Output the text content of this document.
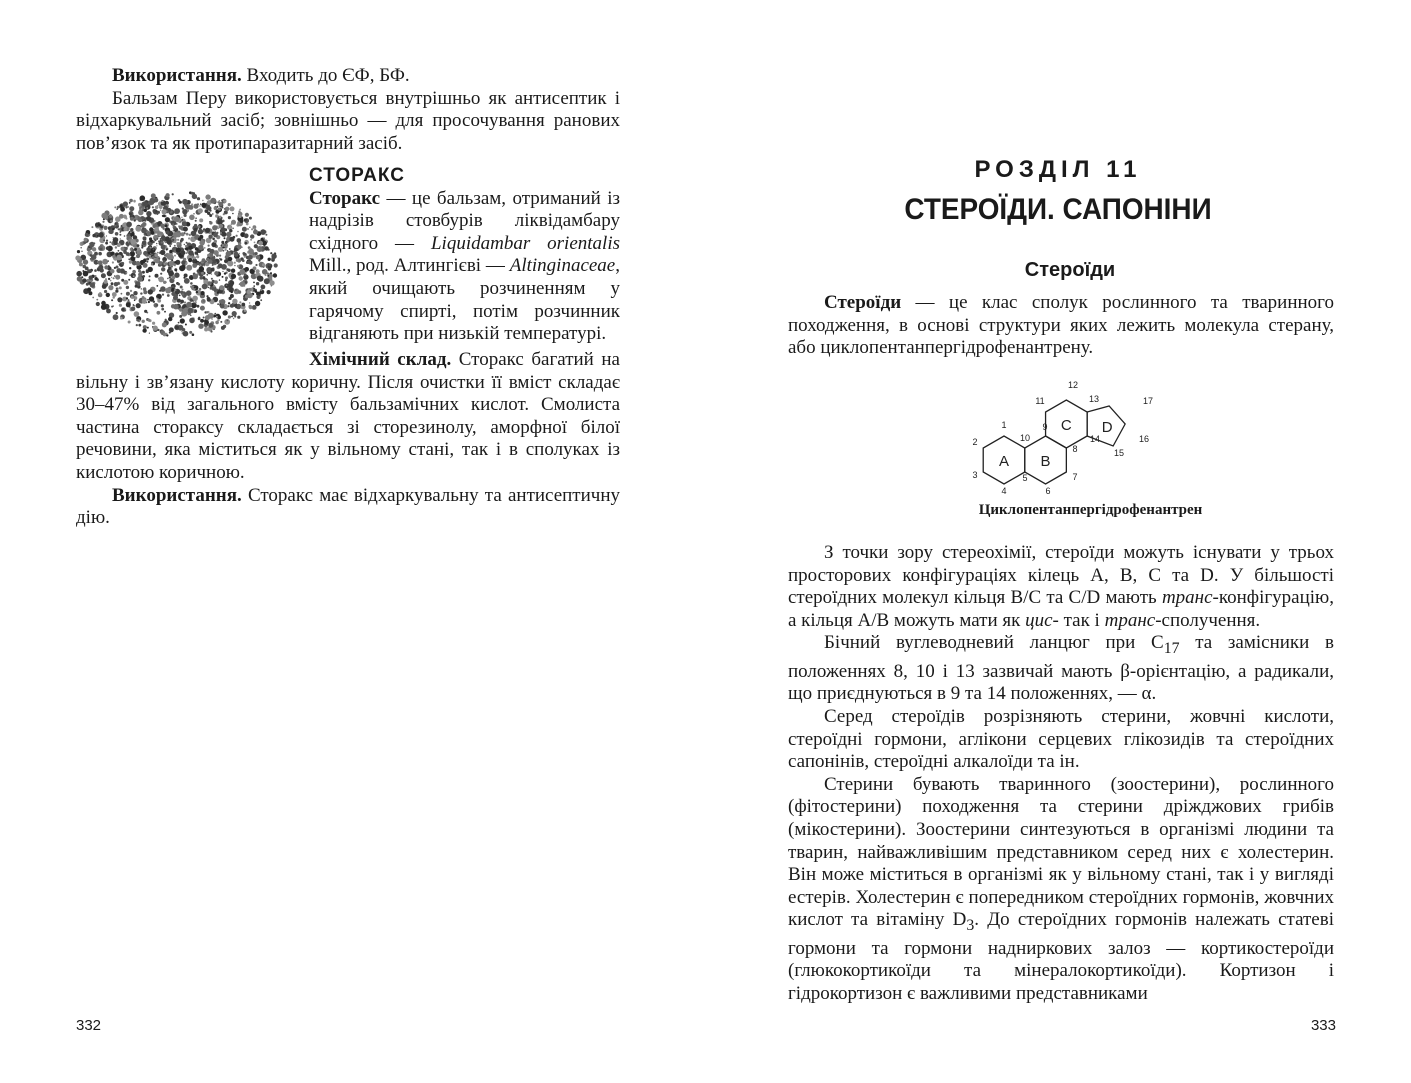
Використання. Входить до ЄФ, БФ.

Бальзам Перу використовується внутрішньо як антисептик і відхаркувальний засіб; зовнішньо — для просочування ранових пов’язок та як протипаразитарний засіб.

СТОРАКС

Сторакс — це бальзам, отриманий із надрізів стовбурів ліквідамбару східного — Liquidambar orientalis Mill., род. Алтингієві — Altinginaceae, який очищають розчиненням у гарячому спирті, потім розчинник відганяють при низькій температурі.

Хімічний склад. Сторакс багатий на вільну і зв’язану кислоту коричну. Після очистки її вміст складає 30–47% від загального вмісту бальзамічних кислот. Смолиста частина стораксу складається зі сторезинолу, аморфної білої речовини, яка міститься як у вільному стані, так і в сполуках із кислотою коричною.

Використання. Сторакс має відхаркувальну та антисептичну дію.

332
РОЗДІЛ 11
СТЕРОЇДИ. САПОНІНИ
Стероїди

Стероїди — це клас сполук рослинного та тваринного походження, в основі структури яких лежить молекула стерану, або циклопентанпергідрофенантрену.

Циклопентанпергідрофенантрен

З точки зору стереохімії, стероїди можуть існувати у трьох просторових конфігураціях кілець A, B, C та D. У більшості стероїдних молекул кільця B/C та C/D мають транс-конфігурацію, а кільця A/B можуть мати як цис- так і транс-сполучення.

Бічний вуглеводневий ланцюг при $C_{17}$ та замісники в положеннях 8, 10 і 13 зазвичай мають β-орієнтацію, а радикали, що приєднуються в 9 та 14 положеннях, — α.

Серед стероїдів розрізняють стерини, жовчні кислоти, стероїдні гормони, аглікони серцевих глікозидів та стероїдних сапонінів, стероїдні алкалоїди та ін.

Стерини бувають тваринного (зоостерини), рослинного (фітостерини) походження та стерини дріжджових грибів (мікостерини). Зоостерини синтезуються в організмі людини та тварин, найважливішим представником серед них є холестерин. Він може міститься в організмі як у вільному стані, так і у вигляді естерів. Холестерин є попередником стероїдних гормонів, жовчних кислот та вітаміну $D_3$. До стероїдних гормонів належать статеві гормони та гормони надниркових залоз — кортикостероїди (глюкокортикоїди та мінералокортикоїди). Кортизон і гідрокортизон є важливими представниками

333
A B
C D
1
2
3
4
5
6
7
8
9
10
11
12
13
14
15
16
17
